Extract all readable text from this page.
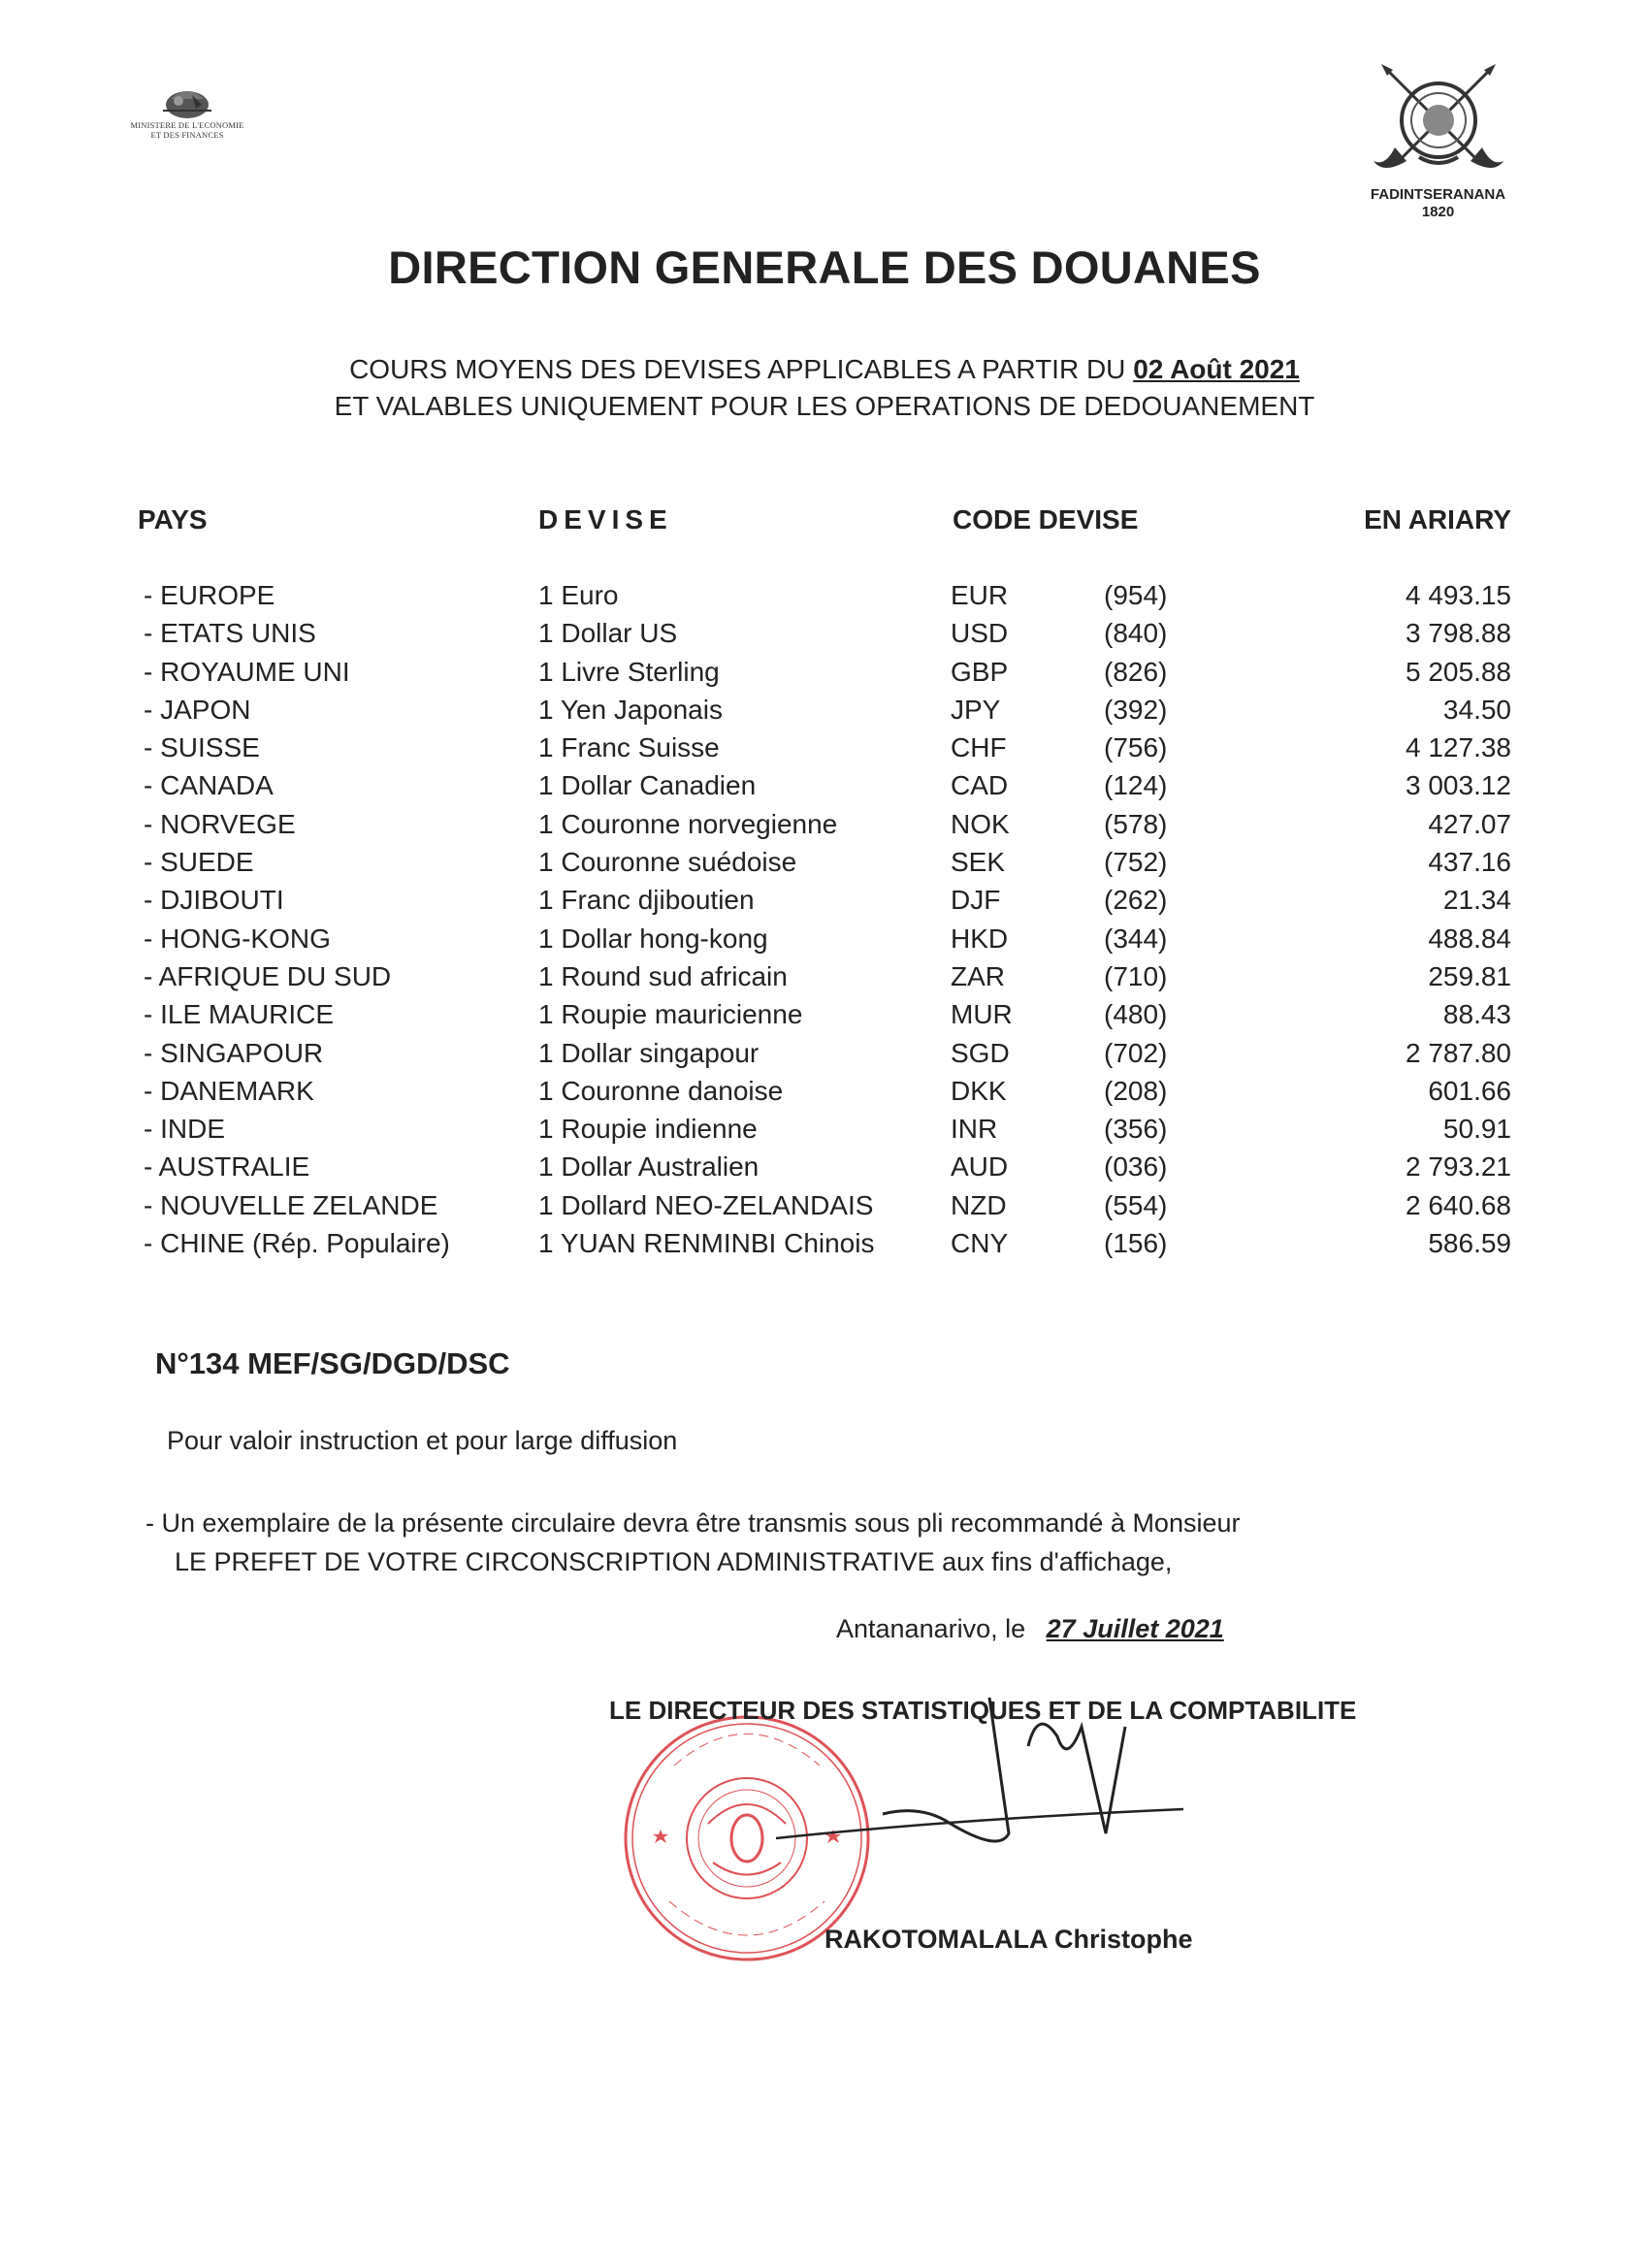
MINISTERE DE L'ECONOMIE
ET DES FINANCES
FADINTSERANANA
1820
DIRECTION GENERALE DES DOUANES
COURS MOYENS DES DEVISES APPLICABLES A PARTIR DU 02 Août 2021
ET VALABLES UNIQUEMENT POUR LES OPERATIONS DE DEDOUANEMENT
PAYS	DEVISE	CODE DEVISE	EN ARIARY
- EUROPE	1 Euro	EUR	(954)	4 493.15
- ETATS UNIS	1 Dollar US	USD	(840)	3 798.88
- ROYAUME UNI	1 Livre Sterling	GBP	(826)	5 205.88
- JAPON	1 Yen Japonais	JPY	(392)	34.50
- SUISSE	1 Franc Suisse	CHF	(756)	4 127.38
- CANADA	1 Dollar Canadien	CAD	(124)	3 003.12
- NORVEGE	1 Couronne norvegienne	NOK	(578)	427.07
- SUEDE	1 Couronne suédoise	SEK	(752)	437.16
- DJIBOUTI	1 Franc djiboutien	DJF	(262)	21.34
- HONG-KONG	1 Dollar hong-kong	HKD	(344)	488.84
- AFRIQUE DU SUD	1 Round sud africain	ZAR	(710)	259.81
- ILE MAURICE	1 Roupie mauricienne	MUR	(480)	88.43
- SINGAPOUR	1 Dollar singapour	SGD	(702)	2 787.80
- DANEMARK	1 Couronne danoise	DKK	(208)	601.66
- INDE	1 Roupie indienne	INR	(356)	50.91
- AUSTRALIE	1 Dollar Australien	AUD	(036)	2 793.21
- NOUVELLE ZELANDE	1 Dollard NEO-ZELANDAIS	NZD	(554)	2 640.68
- CHINE (Rép. Populaire)	1 YUAN RENMINBI Chinois	CNY	(156)	586.59
N°134 MEF/SG/DGD/DSC
Pour valoir instruction et pour large diffusion
- Un exemplaire de la présente circulaire devra être transmis sous pli recommandé à Monsieur
LE PREFET DE VOTRE CIRCONSCRIPTION ADMINISTRATIVE aux fins d'affichage,
Antananarivo, le 27 Juillet 2021
LE DIRECTEUR DES STATISTIQUES ET DE LA COMPTABILITE
RAKOTOMALALA Christophe
